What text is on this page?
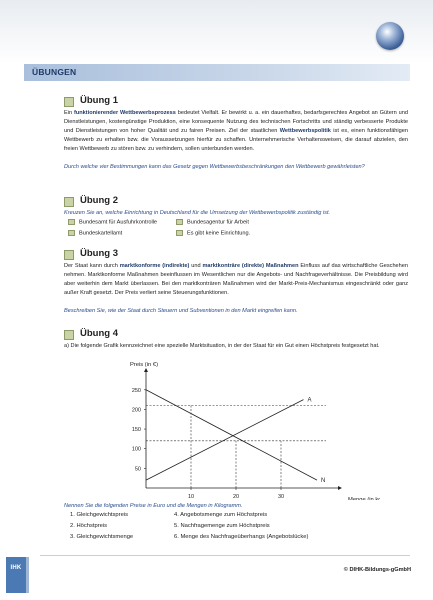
ÜBUNGEN
Übung 1
Ein funktionierender Wettbewerbsprozess bedeutet Vielfalt. Er bewirkt u. a. ein dauerhaftes, bedarfsgerechtes Angebot an Gütern und Dienstleistungen, kostengünstige Produktion, eine konsequente Nutzung des technischen Fortschritts und ständig verbesserte Produkte und Dienstleistungen von hoher Qualität und zu fairen Preisen. Ziel der staatlichen Wettbewerbspolitik ist es, einen funktionsfähigen Wettbewerb zu erhalten bzw. die Voraussetzungen hierfür zu schaffen. Unternehmerische Verhaltensweisen, die darauf abzielen, den freien Wettbewerb zu stören bzw. zu verhindern, sollen unterbunden werden.
Durch welche vier Bestimmungen kann das Gesetz gegen Wettbewerbsbeschränkungen den Wettbewerb gewährleisten?
Übung 2
Kreuzen Sie an, welche Einrichtung in Deutschland für die Umsetzung der Wettbewerbspolitik zuständig ist.
Bundesamt für Ausfuhrkontrolle	Bundesagentur für Arbeit
Bundeskartellamt	Es gibt keine Einrichtung.
Übung 3
Der Staat kann durch marktkonforme (indirekte) und marktkonträre (direkte) Maßnahmen Einfluss auf das wirtschaftliche Geschehen nehmen. Marktkonforme Maßnahmen beeinflussen im Wesentlichen nur die Angebots- und Nachfrageverhältnisse. Die Preisbildung wird aber weiterhin dem Markt überlassen. Bei den marktkonträren Maßnahmen wird der Markt-Preis-Mechanismus eingeschränkt oder ganz außer Kraft gesetzt. Der Preis verliert seine Steuerungsfunktionen.
Beschreiben Sie, wie der Staat durch Steuern und Subventionen in den Markt eingreifen kann.
Übung 4
a) Die folgende Grafik kennzeichnet eine spezielle Marktsituation, in der der Staat für ein Gut einen Höchstpreis festgesetzt hat.
50
100
150
200
250
10	20	30
Preis (in €)
Menge (in kg)
A
N
Nennen Sie die folgenden Preise in Euro und die Mengen in Kilogramm.
1. Gleichgewichtspreis	4. Angebotsmenge zum Höchstpreis
2. Höchstpreis	5. Nachfragemenge zum Höchstpreis
3. Gleichgewichtsmenge	6. Menge des Nachfrageüberhangs (Angebotslücke)
IHK	© DIHK-Bildungs-gGmbH
